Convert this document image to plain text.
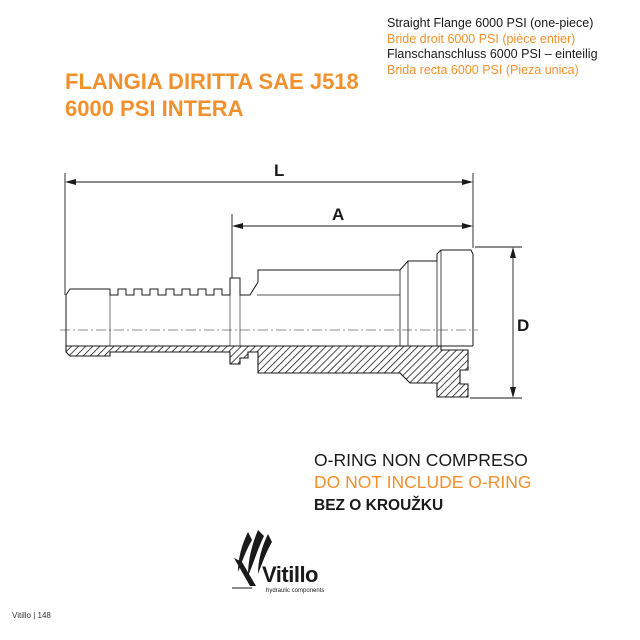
Straight Flange 6000 PSI (one-piece)
Bride droit 6000 PSI (pièce entier)
Flanschanschluss 6000 PSI – einteilig
Brida recta 6000 PSI (Pieza unica)
FLANGIA DIRITTA SAE J518
6000 PSI INTERA
L
A
D
O-RING NON COMPRESO
DO NOT INCLUDE O-RING
BEZ O KROUŽKU
Vitillo
hydraulic components
Vitillo | 148
